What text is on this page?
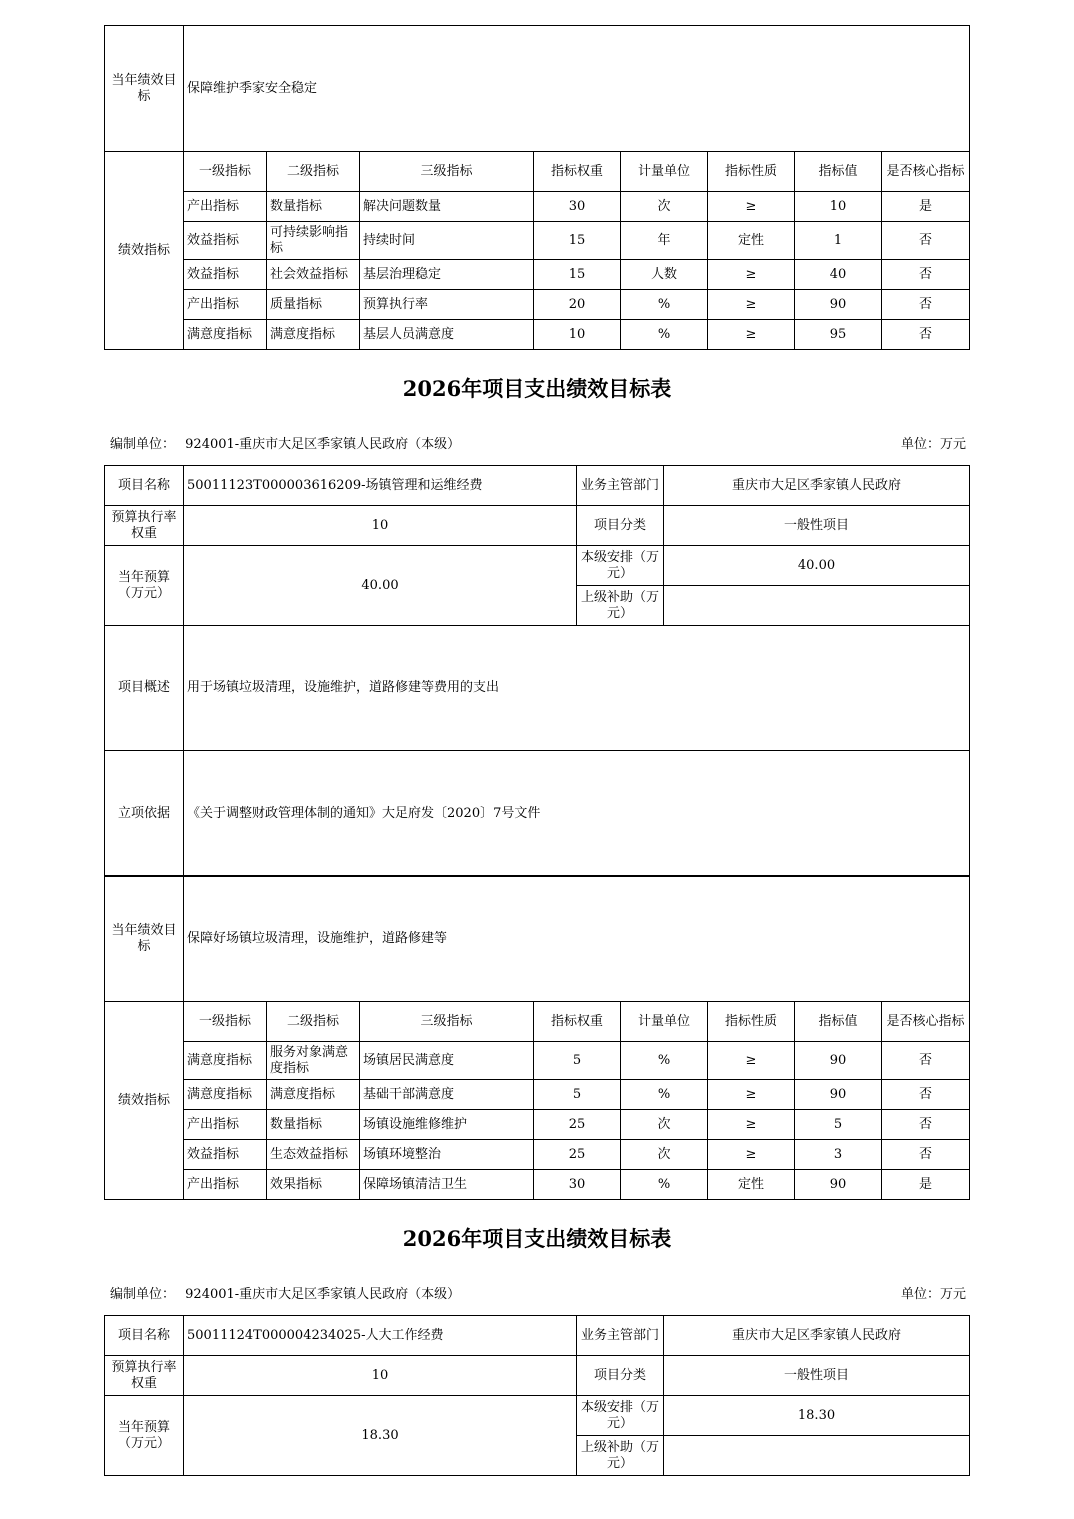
当年绩效目标	保障维护季家安全稳定							
绩效指标	一级指标	二级指标	三级指标	指标权重	计量单位	指标性质	指标值	是否核心指标
	产出指标	数量指标	解决问题数量	30	次	≥	10	是
	效益指标	可持续影响指标	持续时间	15	年	定性	1	否
	效益指标	社会效益指标	基层治理稳定	15	人数	≥	40	否
	产出指标	质量指标	预算执行率	20	%	≥	90	否
	满意度指标	满意度指标	基层人员满意度	10	%	≥	95	否
2026年项目支出绩效目标表
编制单位： 924001-重庆市大足区季家镇人民政府（本级）	单位：万元
项目名称	50011123T000003616209-场镇管理和运维经费	业务主管部门	重庆市大足区季家镇人民政府
预算执行率权重	10	项目分类	一般性项目
当年预算（万元）	40.00	本级安排（万元）	40.00
		上级补助（万元）	
项目概述	用于场镇垃圾清理，设施维护，道路修建等费用的支出		
立项依据	《关于调整财政管理体制的通知》大足府发〔2020〕7号文件		
当年绩效目标	保障好场镇垃圾清理，设施维护，道路修建等							
绩效指标	一级指标	二级指标	三级指标	指标权重	计量单位	指标性质	指标值	是否核心指标
	满意度指标	服务对象满意度指标	场镇居民满意度	5	%	≥	90	否
	满意度指标	满意度指标	基础干部满意度	5	%	≥	90	否
	产出指标	数量指标	场镇设施维修维护	25	次	≥	5	否
	效益指标	生态效益指标	场镇环境整治	25	次	≥	3	否
	产出指标	效果指标	保障场镇清洁卫生	30	%	定性	90	是
2026年项目支出绩效目标表
编制单位： 924001-重庆市大足区季家镇人民政府（本级）	单位：万元
项目名称	50011124T000004234025-人大工作经费	业务主管部门	重庆市大足区季家镇人民政府
预算执行率权重	10	项目分类	一般性项目
当年预算（万元）	18.30	本级安排（万元）	18.30
		上级补助（万元）	
